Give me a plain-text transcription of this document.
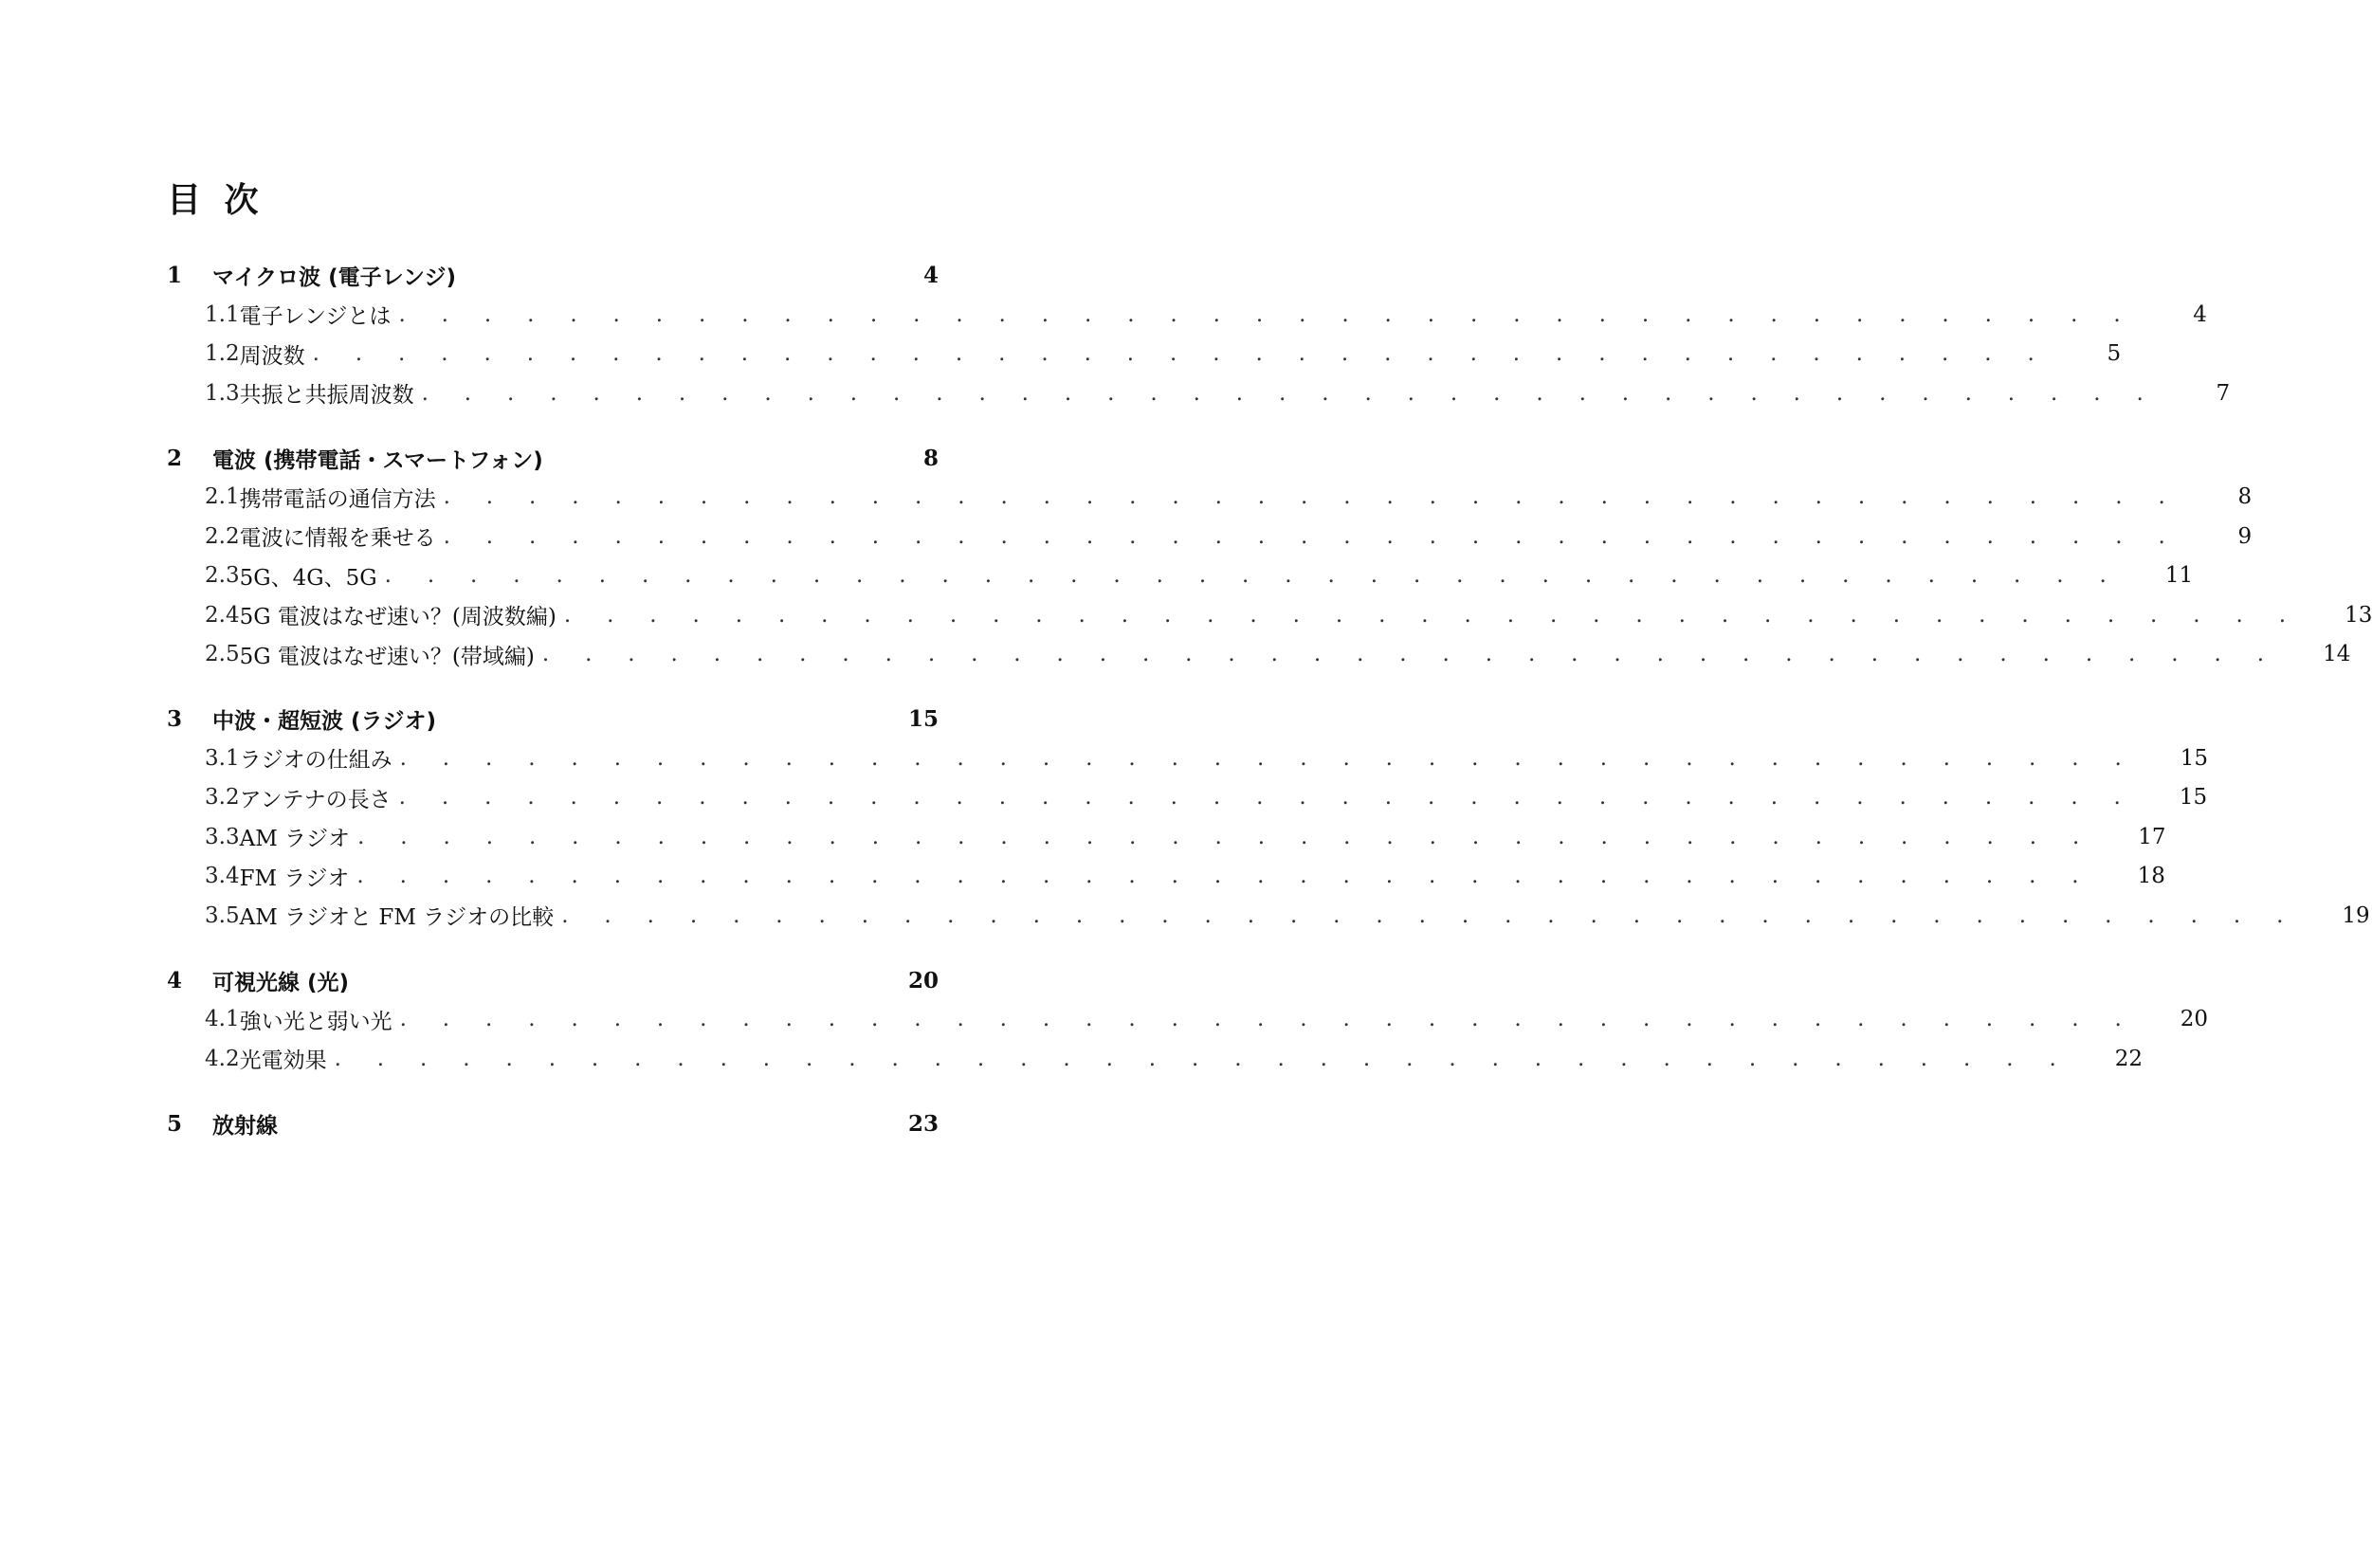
目 次
1	マイクロ波 (電子レンジ)	4
1.1 電子レンジとは . . . . . . . . . . . . . . . . . . . . . . . . . . . . . . . . . . . . . . . . .	4
1.2 周波数 . . . . . . . . . . . . . . . . . . . . . . . . . . . . . . . . . . . . . . . . .	5
1.3 共振と共振周波数 . . . . . . . . . . . . . . . . . . . . . . . . . . . . . . . . . . . . . . . . .	7
2	電波 (携帯電話・スマートフォン)	8
2.1 携帯電話の通信方法 . . . . . . . . . . . . . . . . . . . . . . . . . . . . . . . . . . . . . . . . .	8
2.2 電波に情報を乗せる . . . . . . . . . . . . . . . . . . . . . . . . . . . . . . . . . . . . . . . . .	9
2.3 5G、4G、5G . . . . . . . . . . . . . . . . . . . . . . . . . . . . . . . . . . . . . . . . .	11
2.4 5G 電波はなぜ速い？(周波数編) . . . . . . . . . . . . . . . . . . . . . . . . . . . . . . . . . . . . . . . . .	13
2.5 5G 電波はなぜ速い？(帯域編) . . . . . . . . . . . . . . . . . . . . . . . . . . . . . . . . . . . . . . . . .	14
3	中波・超短波 (ラジオ)	15
3.1 ラジオの仕組み . . . . . . . . . . . . . . . . . . . . . . . . . . . . . . . . . . . . . . . . .	15
3.2 アンテナの長さ . . . . . . . . . . . . . . . . . . . . . . . . . . . . . . . . . . . . . . . . .	15
3.3 AM ラジオ . . . . . . . . . . . . . . . . . . . . . . . . . . . . . . . . . . . . . . . . .	17
3.4 FM ラジオ . . . . . . . . . . . . . . . . . . . . . . . . . . . . . . . . . . . . . . . . .	18
3.5 AM ラジオと FM ラジオの比較 . . . . . . . . . . . . . . . . . . . . . . . . . . . . . . . . . . . . . . . . .	19
4	可視光線 (光)	20
4.1 強い光と弱い光 . . . . . . . . . . . . . . . . . . . . . . . . . . . . . . . . . . . . . . . . .	20
4.2 光電効果 . . . . . . . . . . . . . . . . . . . . . . . . . . . . . . . . . . . . . . . . .	22
5	放射線	23
